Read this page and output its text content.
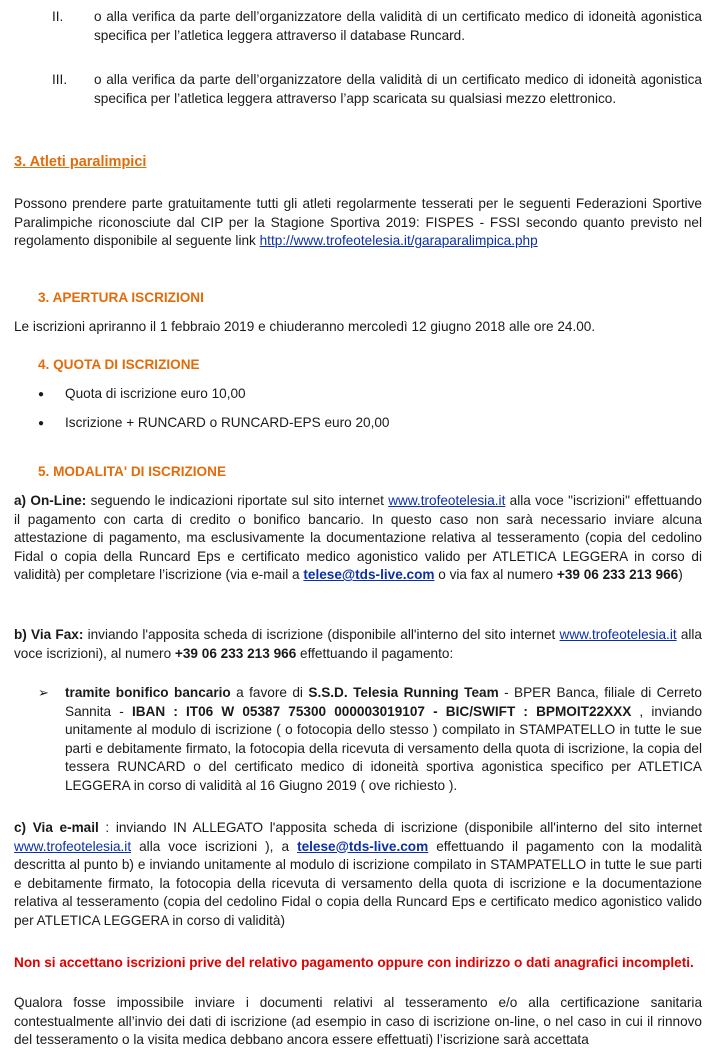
II.	o alla verifica da parte dell’organizzatore della validità di un certificato medico di idoneità agonistica specifica per l’atletica leggera attraverso il database Runcard.
III.	o alla verifica da parte dell’organizzatore della validità di un certificato medico di idoneità agonistica specifica per l’atletica leggera attraverso l’app scaricata su qualsiasi mezzo elettronico.
3. Atleti paralimpici
Possono prendere parte gratuitamente tutti gli atleti regolarmente tesserati per le seguenti Federazioni Sportive Paralimpiche riconosciute dal CIP per la Stagione Sportiva 2019: FISPES - FSSI secondo quanto previsto nel regolamento disponibile al seguente link http://www.trofeotelesia.it/garaparalimpica.php
3. APERTURA ISCRIZIONI
Le iscrizioni apriranno il 1 febbraio 2019 e chiuderanno mercoledì 12 giugno 2018 alle ore 24.00.
4. QUOTA DI ISCRIZIONE
● Quota di iscrizione euro 10,00
● Iscrizione + RUNCARD o RUNCARD-EPS euro 20,00
5. MODALITA' DI ISCRIZIONE
a) On-Line: seguendo le indicazioni riportate sul sito internet www.trofeotelesia.it alla voce "iscrizioni" effettuando il pagamento con carta di credito o bonifico bancario. In questo caso non sarà necessario inviare alcuna attestazione di pagamento, ma esclusivamente la documentazione relativa al tesseramento (copia del cedolino Fidal o copia della Runcard Eps e certificato medico agonistico valido per ATLETICA LEGGERA in corso di validità) per completare l’iscrizione (via e-mail a telese@tds-live.com o via fax al numero +39 06 233 213 966)
b) Via Fax: inviando l'apposita scheda di iscrizione (disponibile all'interno del sito internet www.trofeotelesia.it alla voce iscrizioni), al numero +39 06 233 213 966 effettuando il pagamento:
➢ tramite bonifico bancario a favore di S.S.D. Telesia Running Team - BPER Banca, filiale di Cerreto Sannita - IBAN : IT06 W 05387 75300 000003019107 - BIC/SWIFT : BPMOIT22XXX , inviando unitamente al modulo di iscrizione ( o fotocopia dello stesso ) compilato in STAMPATELLO in tutte le sue parti e debitamente firmato, la fotocopia della ricevuta di versamento della quota di iscrizione, la copia del tessera RUNCARD o del certificato medico di idoneità sportiva agonistica specifico per ATLETICA LEGGERA in corso di validità al 16 Giugno 2019 ( ove richiesto ).
c) Via e-mail : inviando IN ALLEGATO l'apposita scheda di iscrizione (disponibile all'interno del sito internet www.trofeotelesia.it alla voce iscrizioni ), a telese@tds-live.com effettuando il pagamento con la modalità descritta al punto b) e inviando unitamente al modulo di iscrizione compilato in STAMPATELLO in tutte le sue parti e debitamente firmato, la fotocopia della ricevuta di versamento della quota di iscrizione e la documentazione relativa al tesseramento (copia del cedolino Fidal o copia della Runcard Eps e certificato medico agonistico valido per ATLETICA LEGGERA in corso di validità)
Non si accettano iscrizioni prive del relativo pagamento oppure con indirizzo o dati anagrafici incompleti.
Qualora fosse impossibile inviare i documenti relativi al tesseramento e/o alla certificazione sanitaria contestualmente all’invio dei dati di iscrizione (ad esempio in caso di iscrizione on-line, o nel caso in cui il rinnovo del tesseramento o la visita medica debbano ancora essere effettuati) l’iscrizione sarà accettata
